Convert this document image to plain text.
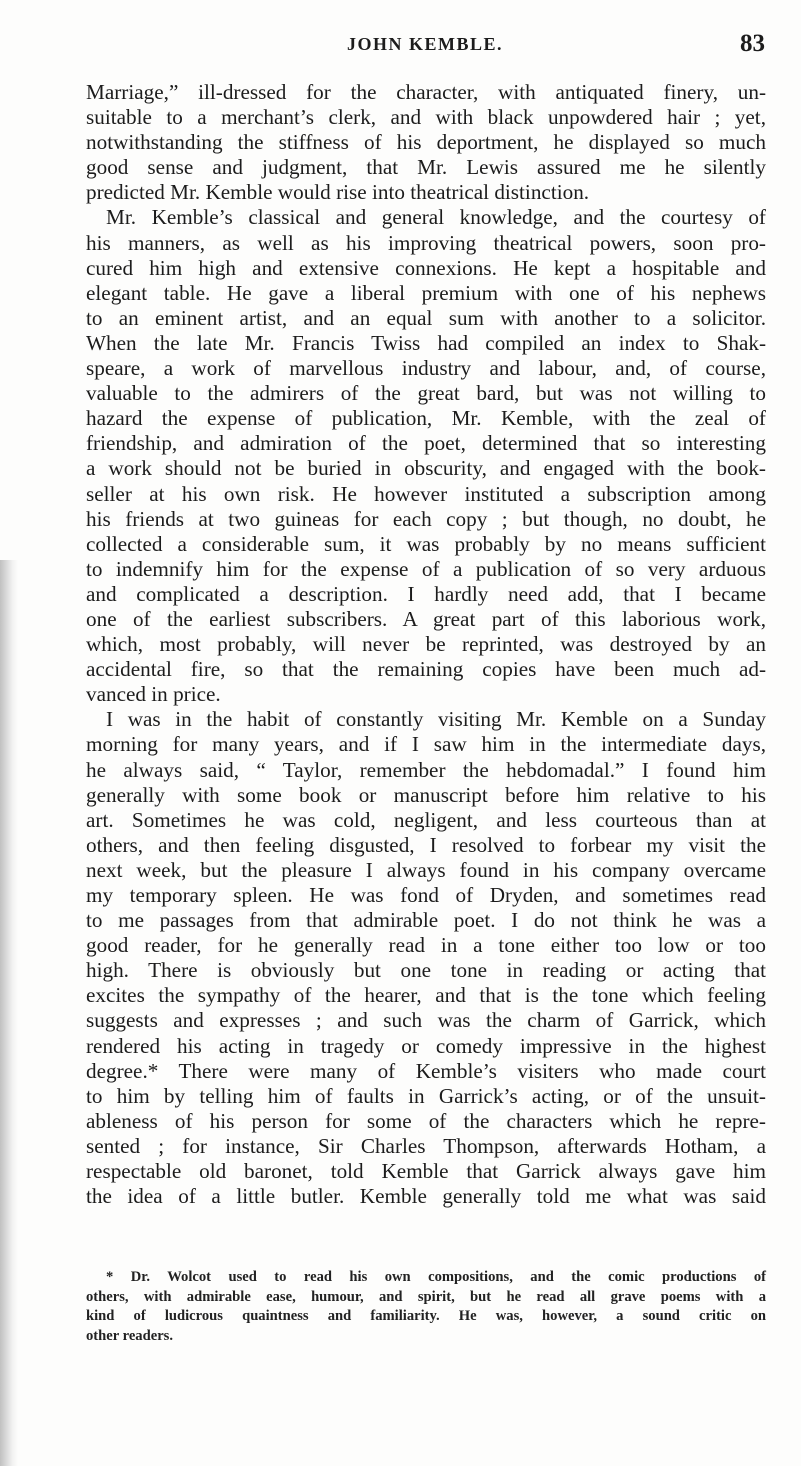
JOHN KEMBLE.	83
Marriage,” ill-dressed for the character, with antiquated finery, un-
suitable to a merchant’s clerk, and with black unpowdered hair ; yet,
notwithstanding the stiffness of his deportment, he displayed so much
good sense and judgment, that Mr. Lewis assured me he silently
predicted Mr. Kemble would rise into theatrical distinction.
Mr. Kemble’s classical and general knowledge, and the courtesy of
his manners, as well as his improving theatrical powers, soon pro-
cured him high and extensive connexions. He kept a hospitable and
elegant table. He gave a liberal premium with one of his nephews
to an eminent artist, and an equal sum with another to a solicitor.
When the late Mr. Francis Twiss had compiled an index to Shak-
speare, a work of marvellous industry and labour, and, of course,
valuable to the admirers of the great bard, but was not willing to
hazard the expense of publication, Mr. Kemble, with the zeal of
friendship, and admiration of the poet, determined that so interesting
a work should not be buried in obscurity, and engaged with the book-
seller at his own risk. He however instituted a subscription among
his friends at two guineas for each copy ; but though, no doubt, he
collected a considerable sum, it was probably by no means sufficient
to indemnify him for the expense of a publication of so very arduous
and complicated a description. I hardly need add, that I became
one of the earliest subscribers. A great part of this laborious work,
which, most probably, will never be reprinted, was destroyed by an
accidental fire, so that the remaining copies have been much ad-
vanced in price.
I was in the habit of constantly visiting Mr. Kemble on a Sunday
morning for many years, and if I saw him in the intermediate days,
he always said, “ Taylor, remember the hebdomadal.” I found him
generally with some book or manuscript before him relative to his
art. Sometimes he was cold, negligent, and less courteous than at
others, and then feeling disgusted, I resolved to forbear my visit the
next week, but the pleasure I always found in his company overcame
my temporary spleen. He was fond of Dryden, and sometimes read
to me passages from that admirable poet. I do not think he was a
good reader, for he generally read in a tone either too low or too
high. There is obviously but one tone in reading or acting that
excites the sympathy of the hearer, and that is the tone which feeling
suggests and expresses ; and such was the charm of Garrick, which
rendered his acting in tragedy or comedy impressive in the highest
degree.* There were many of Kemble’s visiters who made court
to him by telling him of faults in Garrick’s acting, or of the unsuit-
ableness of his person for some of the characters which he repre-
sented ; for instance, Sir Charles Thompson, afterwards Hotham, a
respectable old baronet, told Kemble that Garrick always gave him
the idea of a little butler. Kemble generally told me what was said
* Dr. Wolcot used to read his own compositions, and the comic productions of
others, with admirable ease, humour, and spirit, but he read all grave poems with a
kind of ludicrous quaintness and familiarity. He was, however, a sound critic on
other readers.
